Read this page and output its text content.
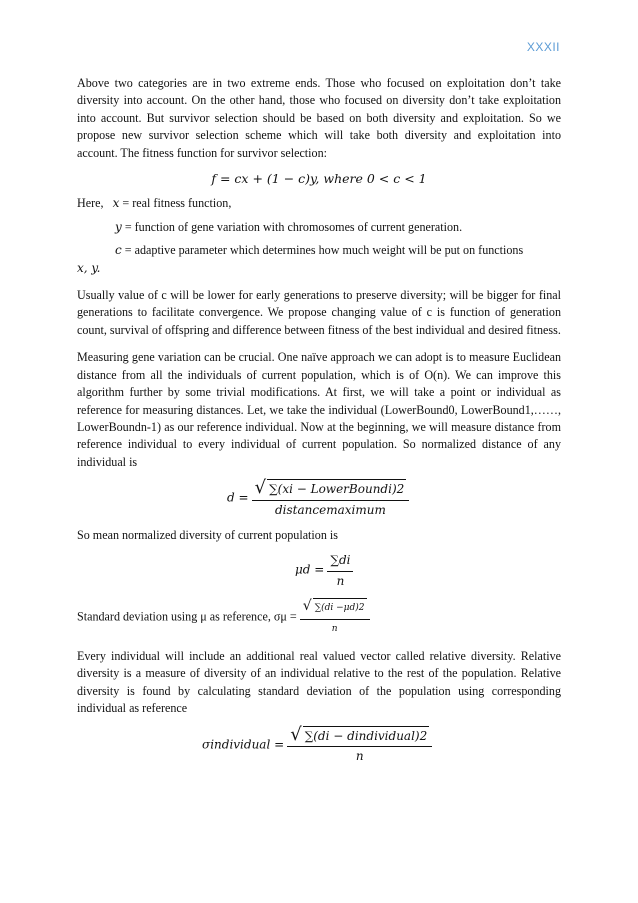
XXXII

Above two categories are in two extreme ends. Those who focused on exploitation don’t take diversity into account. On the other hand, those who focused on diversity don’t take exploitation into account. But survivor selection should be based on both diversity and exploitation. So we propose new survivor selection scheme which will take both diversity and exploitation into account. The fitness function for survivor selection:

f = cx + (1 − c)y, where 0 < c < 1

Here, x = real fitness function,

y = function of gene variation with chromosomes of current generation.

c = adaptive parameter which determines how much weight will be put on functions

x, y.

Usually value of c will be lower for early generations to preserve diversity; will be bigger for final generations to facilitate convergence. We propose changing value of c is function of generation count, survival of offspring and difference between fitness of the best individual and desired fitness.

Measuring gene variation can be crucial. One naïve approach we can adopt is to measure Euclidean distance from all the individuals of current population, which is of O(n). We can improve this algorithm further by some trivial modifications. At first, we will take a point or individual as reference for measuring distances. Let, we take the individual (LowerBound0, LowerBound1,……, LowerBoundn-1) as our reference individual. Now at the beginning, we will measure distance from reference individual to every individual of current population. So normalized distance of any individual is

$d = \frac{\text{√ ∑(xi − LowerBoundi)2}}{\text{distancemaximum}}$

So mean normalized diversity of current population is

$\mu d = \frac{\sum di}{n}$

Standard deviation using μ as reference, $\sigma\mu = \frac{√ \sum(di -\mu d)2}{n}$

Every individual will include an additional real valued vector called relative diversity. Relative diversity is a measure of diversity of an individual relative to the rest of the population. Relative diversity is found by calculating standard deviation of the population using corresponding individual as reference

σindividual = $\frac{\text{√ ∑(di − dindividual)2}}{n}$
